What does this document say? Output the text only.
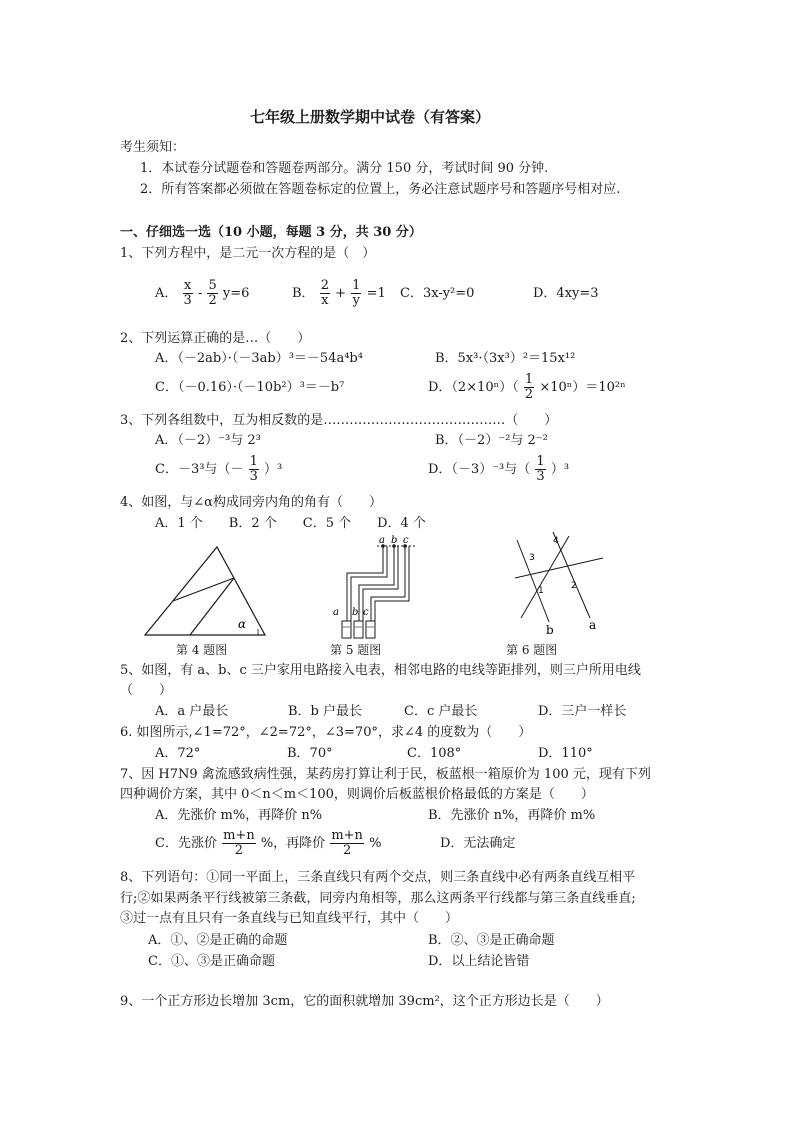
七年级上册数学期中试卷（有答案）
考生须知：
1．本试卷分试题卷和答题卷两部分。满分 150 分，考试时间 90 分钟.
2．所有答案都必须做在答题卷标定的位置上，务必注意试题序号和答题序号相对应.
一、仔细选一选（10 小题，每题 3 分，共 30 分）
1、下列方程中，是二元一次方程的是（　）
A． $\frac{x}{3} - \frac{5}{2} y=6$	B． $\frac{2}{x} + \frac{1}{y} =1$ C．3x-y²=0	D．4xy=3
2、下列运算正确的是…（　　）
A．（－2ab）·（－3ab）³＝－54a⁴b⁴	B．5x³·（3x³）²＝15x¹²
C．（－0.16）·（－10b²）³＝－b⁷	D．$(2\times 10^n)( \frac{1}{2} \times 10^n)=10^{2n}$
3、下列各组数中，互为相反数的是……………………………………（　　）
A．（－2）⁻³与 2³	B．（－2）⁻²与 2⁻²
C．－3³与（－ $\frac{1}{3} )^3$	D．（－3）⁻³与（ $\frac{1}{3} )^3$
4、如图，与∠α构成同旁内角的角有（　　）
A．1 个　　B．2 个　　C．5 个　　D．4 个
α
第 4 题图
a b c
a b c
第 5 题图
3
4
1	2
b	a
第 6 题图
5、如图，有 a、b、c 三户家用电路接入电表，相邻电路的电线等距排列，则三户所用电线
（　　）
A．a 户最长	B．b 户最长	C．c 户最长	D．三户一样长
6. 如图所示,∠1=72°，∠2=72°，∠3=70°，求∠4 的度数为（　　）
A．72°	B．70°	C．108°	D．110°
7、因 H7N9 禽流感致病性强，某药房打算让利于民，板蓝根一箱原价为 100 元，现有下列
四种调价方案，其中 0＜n＜m＜100，则调价后板蓝根价格最低的方案是（　　）
A．先涨价 m%，再降价 n%	B．先涨价 n%，再降价 m%
C．先涨价 $\frac{m+n}{2}$ %，再降价 $\frac{m+n}{2}$ %	D．无法确定
8、下列语句：①同一平面上，三条直线只有两个交点，则三条直线中必有两条直线互相平
行;②如果两条平行线被第三条截，同旁内角相等，那么这两条平行线都与第三条直线垂直;
③过一点有且只有一条直线与已知直线平行，其中（　　）
A．①、②是正确的命题	B．②、③是正确命题
C．①、③是正确命题	D．以上结论皆错
9、一个正方形边长增加 3cm，它的面积就增加 39cm²，这个正方形边长是（　　）
